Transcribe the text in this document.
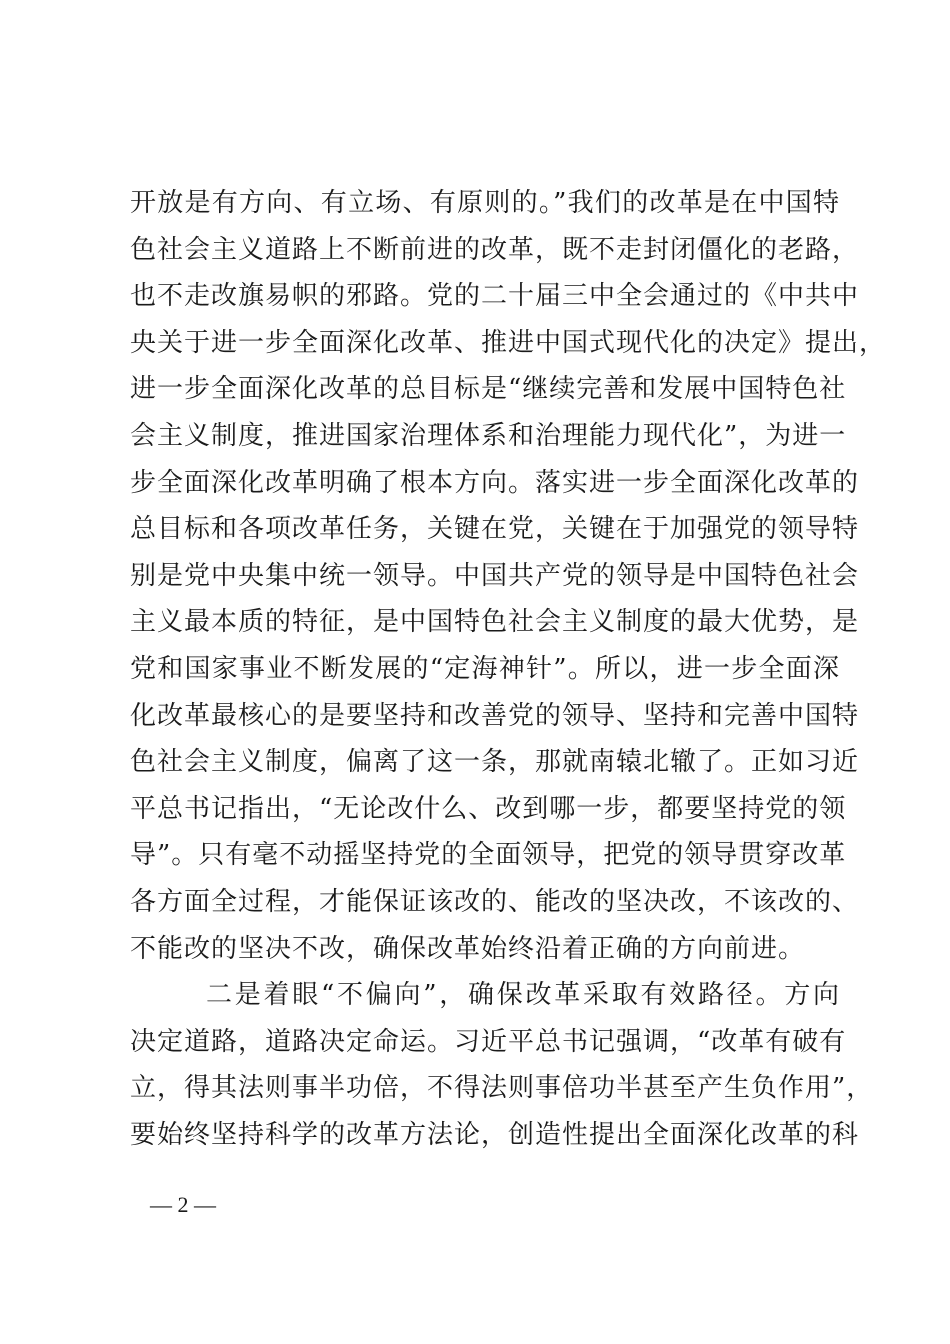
开放是有方向、有立场、有原则的。”我们的改革是在中国特
色社会主义道路上不断前进的改革，既不走封闭僵化的老路，
也不走改旗易帜的邪路。党的二十届三中全会通过的《中共中
央关于进一步全面深化改革、推进中国式现代化的决定》提出，
进一步全面深化改革的总目标是“继续完善和发展中国特色社
会主义制度，推进国家治理体系和治理能力现代化”，为进一
步全面深化改革明确了根本方向。落实进一步全面深化改革的
总目标和各项改革任务，关键在党，关键在于加强党的领导特
别是党中央集中统一领导。中国共产党的领导是中国特色社会
主义最本质的特征，是中国特色社会主义制度的最大优势，是
党和国家事业不断发展的“定海神针”。所以，进一步全面深
化改革最核心的是要坚持和改善党的领导、坚持和完善中国特
色社会主义制度，偏离了这一条，那就南辕北辙了。正如习近
平总书记指出，“无论改什么、改到哪一步，都要坚持党的领
导”。只有毫不动摇坚持党的全面领导，把党的领导贯穿改革
各方面全过程，才能保证该改的、能改的坚决改，不该改的、
不能改的坚决不改，确保改革始终沿着正确的方向前进。
二是着眼“不偏向”，确保改革采取有效路径。方向
决定道路，道路决定命运。习近平总书记强调，“改革有破有
立，得其法则事半功倍，不得法则事倍功半甚至产生负作用”，
要始终坚持科学的改革方法论，创造性提出全面深化改革的科
— 2 —
